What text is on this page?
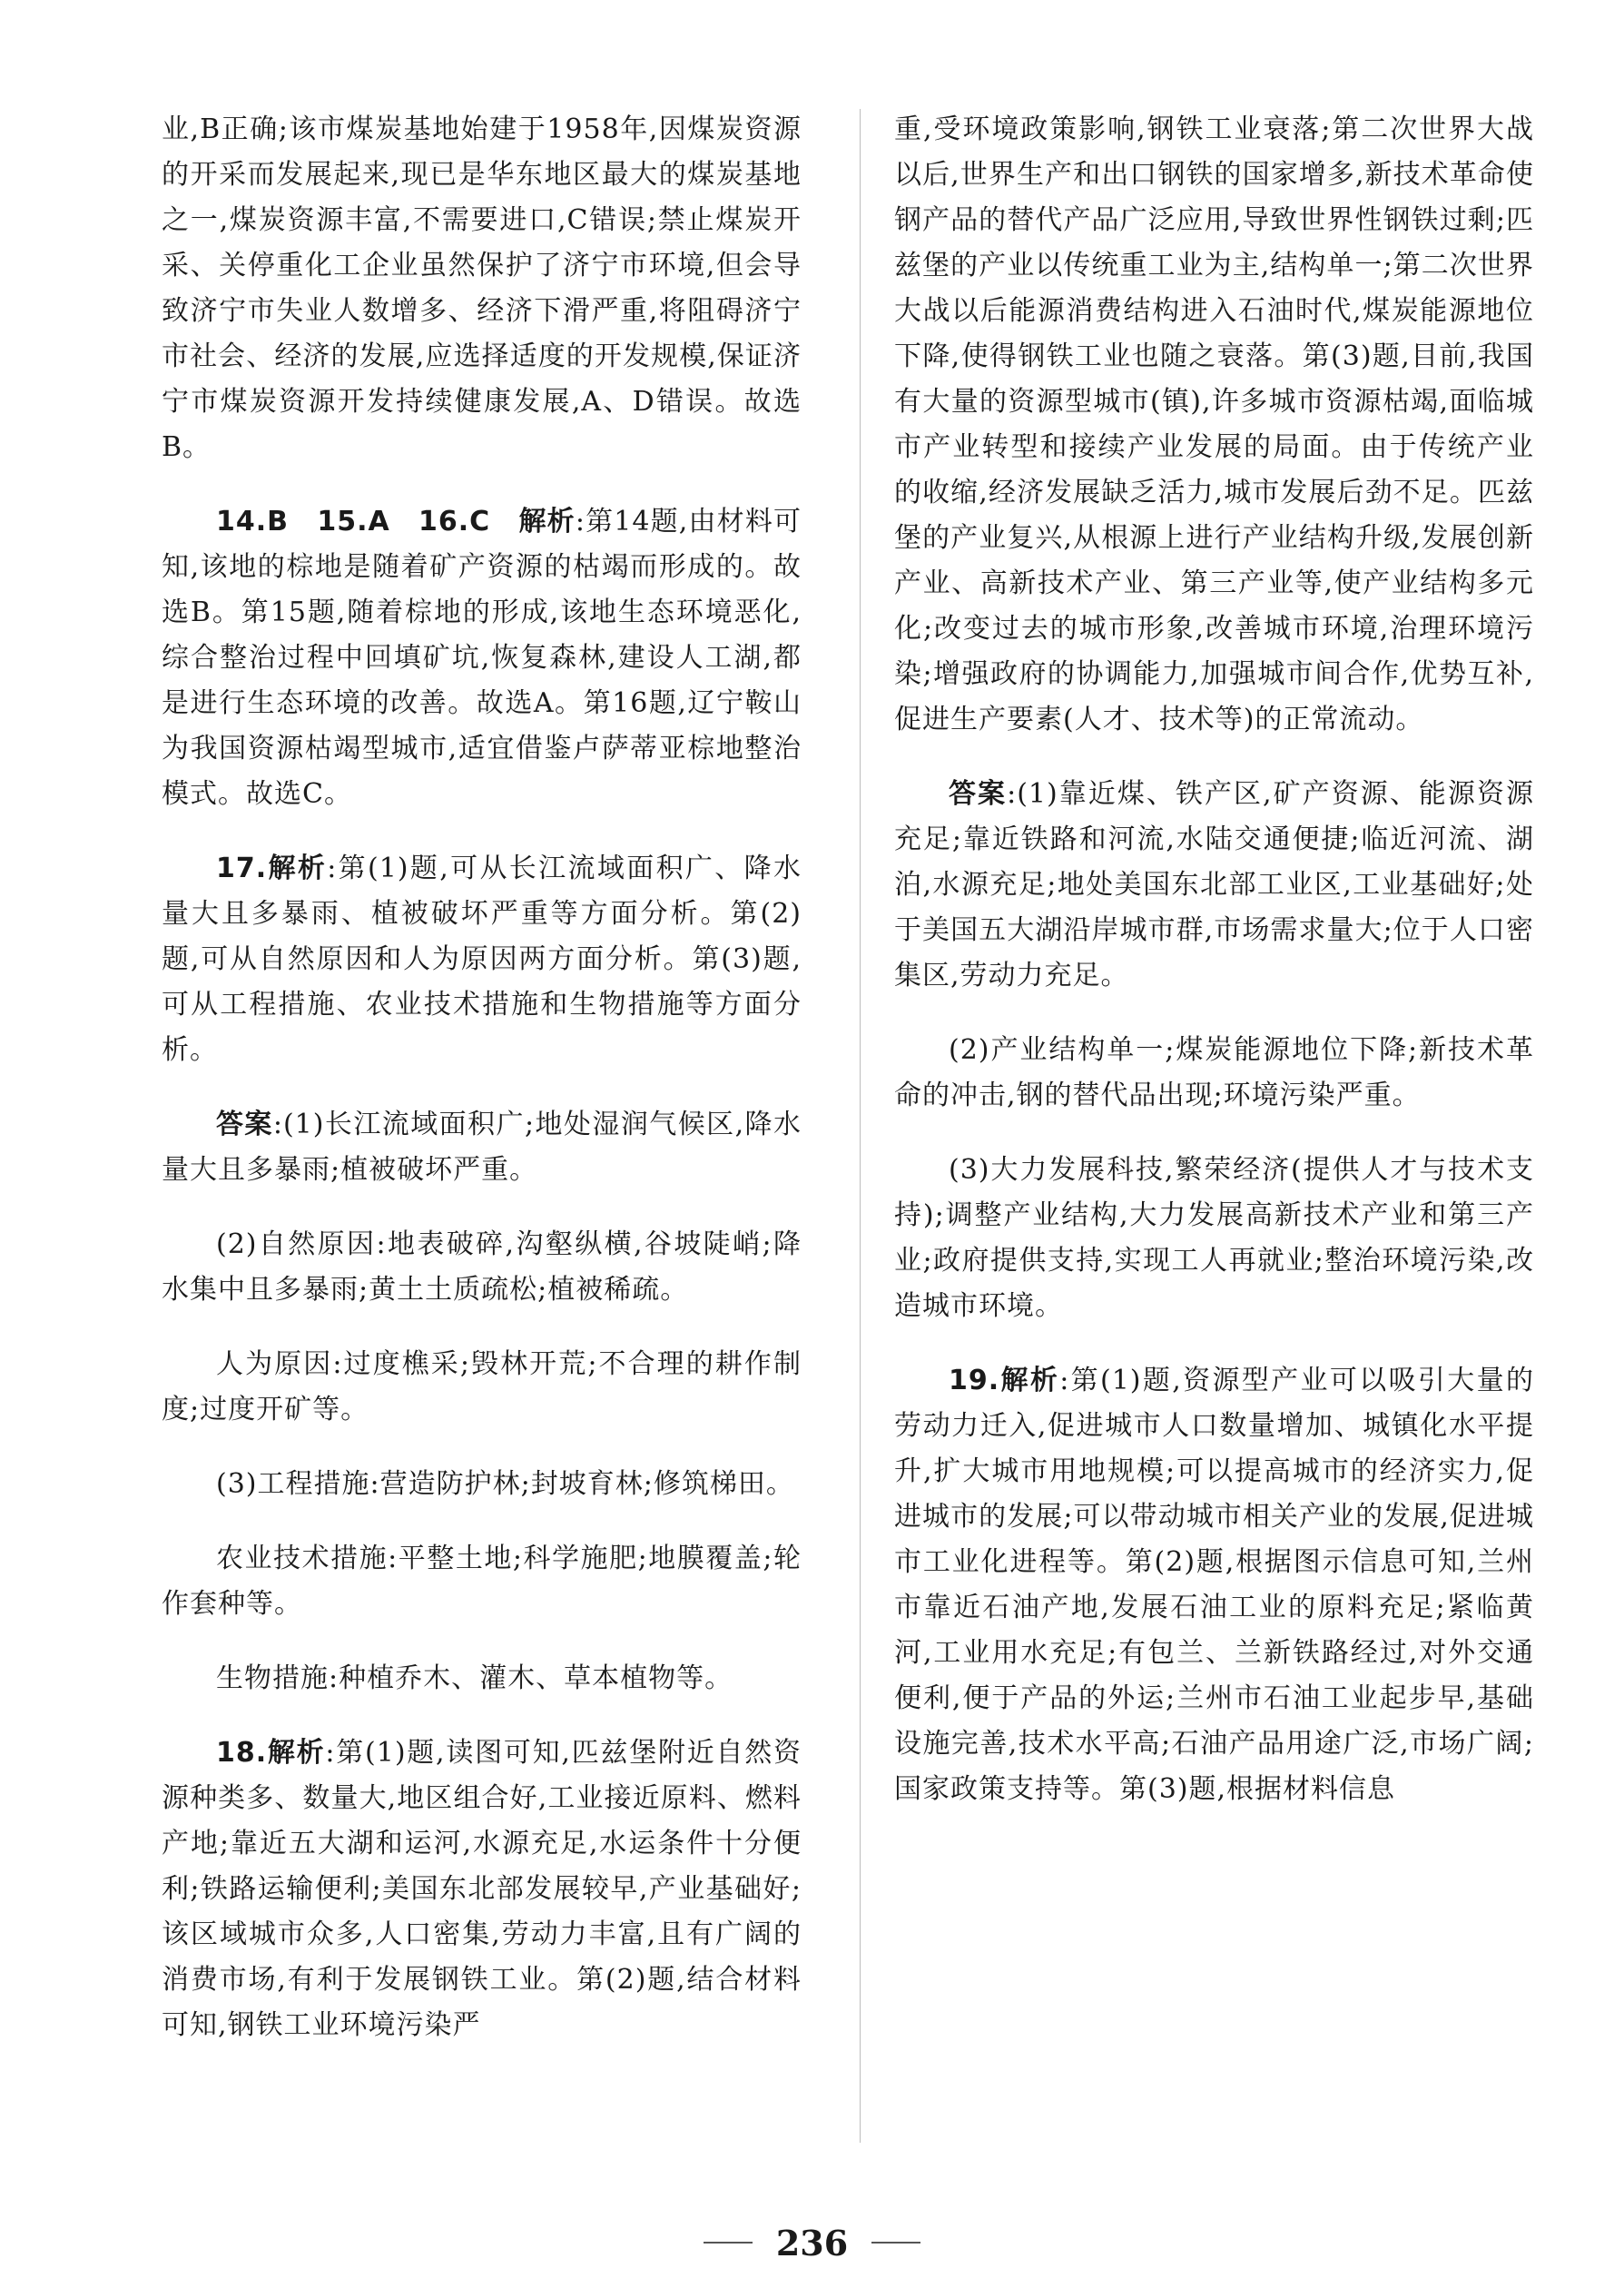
业,B正确;该市煤炭基地始建于1958年,因煤炭资源的开采而发展起来,现已是华东地区最大的煤炭基地之一,煤炭资源丰富,不需要进口,C错误;禁止煤炭开采、关停重化工企业虽然保护了济宁市环境,但会导致济宁市失业人数增多、经济下滑严重,将阻碍济宁市社会、经济的发展,应选择适度的开发规模,保证济宁市煤炭资源开发持续健康发展,A、D错误。故选B。

14.B　15.A　16.C　解析:第14题,由材料可知,该地的棕地是随着矿产资源的枯竭而形成的。故选B。第15题,随着棕地的形成,该地生态环境恶化,综合整治过程中回填矿坑,恢复森林,建设人工湖,都是进行生态环境的改善。故选A。第16题,辽宁鞍山为我国资源枯竭型城市,适宜借鉴卢萨蒂亚棕地整治模式。故选C。

17.解析:第(1)题,可从长江流域面积广、降水量大且多暴雨、植被破坏严重等方面分析。第(2)题,可从自然原因和人为原因两方面分析。第(3)题,可从工程措施、农业技术措施和生物措施等方面分析。

答案:(1)长江流域面积广;地处湿润气候区,降水量大且多暴雨;植被破坏严重。

(2)自然原因:地表破碎,沟壑纵横,谷坡陡峭;降水集中且多暴雨;黄土土质疏松;植被稀疏。

人为原因:过度樵采;毁林开荒;不合理的耕作制度;过度开矿等。

(3)工程措施:营造防护林;封坡育林;修筑梯田。

农业技术措施:平整土地;科学施肥;地膜覆盖;轮作套种等。

生物措施:种植乔木、灌木、草本植物等。

18.解析:第(1)题,读图可知,匹兹堡附近自然资源种类多、数量大,地区组合好,工业接近原料、燃料产地;靠近五大湖和运河,水源充足,水运条件十分便利;铁路运输便利;美国东北部发展较早,产业基础好;该区域城市众多,人口密集,劳动力丰富,且有广阔的消费市场,有利于发展钢铁工业。第(2)题,结合材料可知,钢铁工业环境污染严

重,受环境政策影响,钢铁工业衰落;第二次世界大战以后,世界生产和出口钢铁的国家增多,新技术革命使钢产品的替代产品广泛应用,导致世界性钢铁过剩;匹兹堡的产业以传统重工业为主,结构单一;第二次世界大战以后能源消费结构进入石油时代,煤炭能源地位下降,使得钢铁工业也随之衰落。第(3)题,目前,我国有大量的资源型城市(镇),许多城市资源枯竭,面临城市产业转型和接续产业发展的局面。由于传统产业的收缩,经济发展缺乏活力,城市发展后劲不足。匹兹堡的产业复兴,从根源上进行产业结构升级,发展创新产业、高新技术产业、第三产业等,使产业结构多元化;改变过去的城市形象,改善城市环境,治理环境污染;增强政府的协调能力,加强城市间合作,优势互补,促进生产要素(人才、技术等)的正常流动。

答案:(1)靠近煤、铁产区,矿产资源、能源资源充足;靠近铁路和河流,水陆交通便捷;临近河流、湖泊,水源充足;地处美国东北部工业区,工业基础好;处于美国五大湖沿岸城市群,市场需求量大;位于人口密集区,劳动力充足。

(2)产业结构单一;煤炭能源地位下降;新技术革命的冲击,钢的替代品出现;环境污染严重。

(3)大力发展科技,繁荣经济(提供人才与技术支持);调整产业结构,大力发展高新技术产业和第三产业;政府提供支持,实现工人再就业;整治环境污染,改造城市环境。

19.解析:第(1)题,资源型产业可以吸引大量的劳动力迁入,促进城市人口数量增加、城镇化水平提升,扩大城市用地规模;可以提高城市的经济实力,促进城市的发展;可以带动城市相关产业的发展,促进城市工业化进程等。第(2)题,根据图示信息可知,兰州市靠近石油产地,发展石油工业的原料充足;紧临黄河,工业用水充足;有包兰、兰新铁路经过,对外交通便利,便于产品的外运;兰州市石油工业起步早,基础设施完善,技术水平高;石油产品用途广泛,市场广阔;国家政策支持等。第(3)题,根据材料信息

236
